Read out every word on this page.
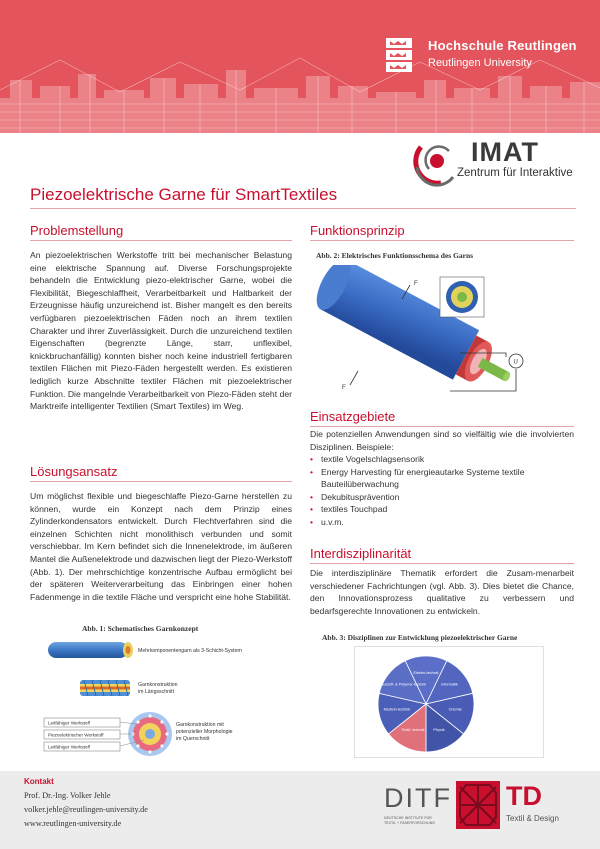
Hochschule Reutlingen
Reutlingen University
IMAT
Zentrum für Interaktive
Piezoelektrische Garne für SmartTextiles
Problemstellung
An piezoelektrischen Werkstoffe tritt bei mechanischer Belastung eine elektrische Spannung auf. Diverse Forschungsprojekte behandeln die Entwicklung piezo-elektrischer Garne, wobei die Flexibilität, Biegeschlaffheit, Verarbeitbarkeit und Haltbarkeit der Erzeugnisse häufig unzureichend ist. Bisher mangelt es den bereits verfügbaren piezoelektrischen Fäden noch an ihrem textilen Charakter und ihrer Zuverlässigkeit. Durch die unzureichend textilen Eigenschaften (begrenzte Länge, starr, unflexibel, knickbruchanfällig) konnten bisher noch keine industriell fertigbaren textilen Flächen mit Piezo-Fäden hergestellt werden. Es existieren lediglich kurze Abschnitte textiler Flächen mit piezoelektrischer Funktion. Die mangelnde Verarbeitbarkeit von Piezo-Fäden steht der Marktreife intelligenter Textilien (Smart Textiles) im Weg.
Lösungsansatz
Um möglichst flexible und biegeschlaffe Piezo-Garne herstellen zu können, wurde ein Konzept nach dem Prinzip eines Zylinderkondensators entwickelt. Durch Flechtverfahren sind die einzelnen Schichten nicht monolithisch verbunden und somit verschiebbar. Im Kern befindet sich die Innenelektrode, im äußeren Mantel die Außenelektrode und dazwischen liegt der Piezo-Werkstoff (Abb. 1). Der mehrschichtige konzentrische Aufbau ermöglicht bei der späteren Weiterverarbeitung das Einbringen einer hohen Fadenmenge in die textile Fläche und verspricht eine hohe Stabilität.
Abb. 1: Schematisches Garnkonzept
Mehrkomponentengarn als 3-Schicht-System
Garnkonstruktion
im Längsschnitt
Garnkonstruktion mit
potenzieller Morphologie
im Querschnitt
Leitfähiger Werkstoff
Piezoelektrischer Werkstoff
Leitfähiger Werkstoff
Funktionsprinzip
Abb. 2: Elektrisches Funktionsschema des Garns
F
F
U
Einsatzgebiete
Die potenziellen Anwendungen sind so vielfältig wie die involvierten Disziplinen. Beispiele:
• textile Vogelschlagsensorik
• Energy Harvesting für energieautarke Systeme textile Bauteilüberwachung
• Dekubitusprävention
• textiles Touchpad
• u.v.m.
Interdisziplinarität
Die interdisziplinäre Thematik erfordert die Zusam-menarbeit verschiedener Fachrichtungen (vgl. Abb. 3). Dies bietet die Chance, den Innovationsprozess qualitative zu verbessern und bedarfsgerechte Innovationen zu entwickeln.
Abb. 3: Disziplinen zur Entwicklung piezoelektrischer Garne
Elektro-technik
Informatik
Chemie
Physik
Textil- technik
Medizin-technik
Baustoff- & Polymer-technik
Kontakt
Prof. Dr.-Ing. Volker Jehle
volker.jehle@reutlingen-university.de
www.reutlingen-university.de
DITF
DEUTSCHE INSTITUTE FÜR
TEXTIL + FASERFORSCHUNG
TD
Textil & Design
